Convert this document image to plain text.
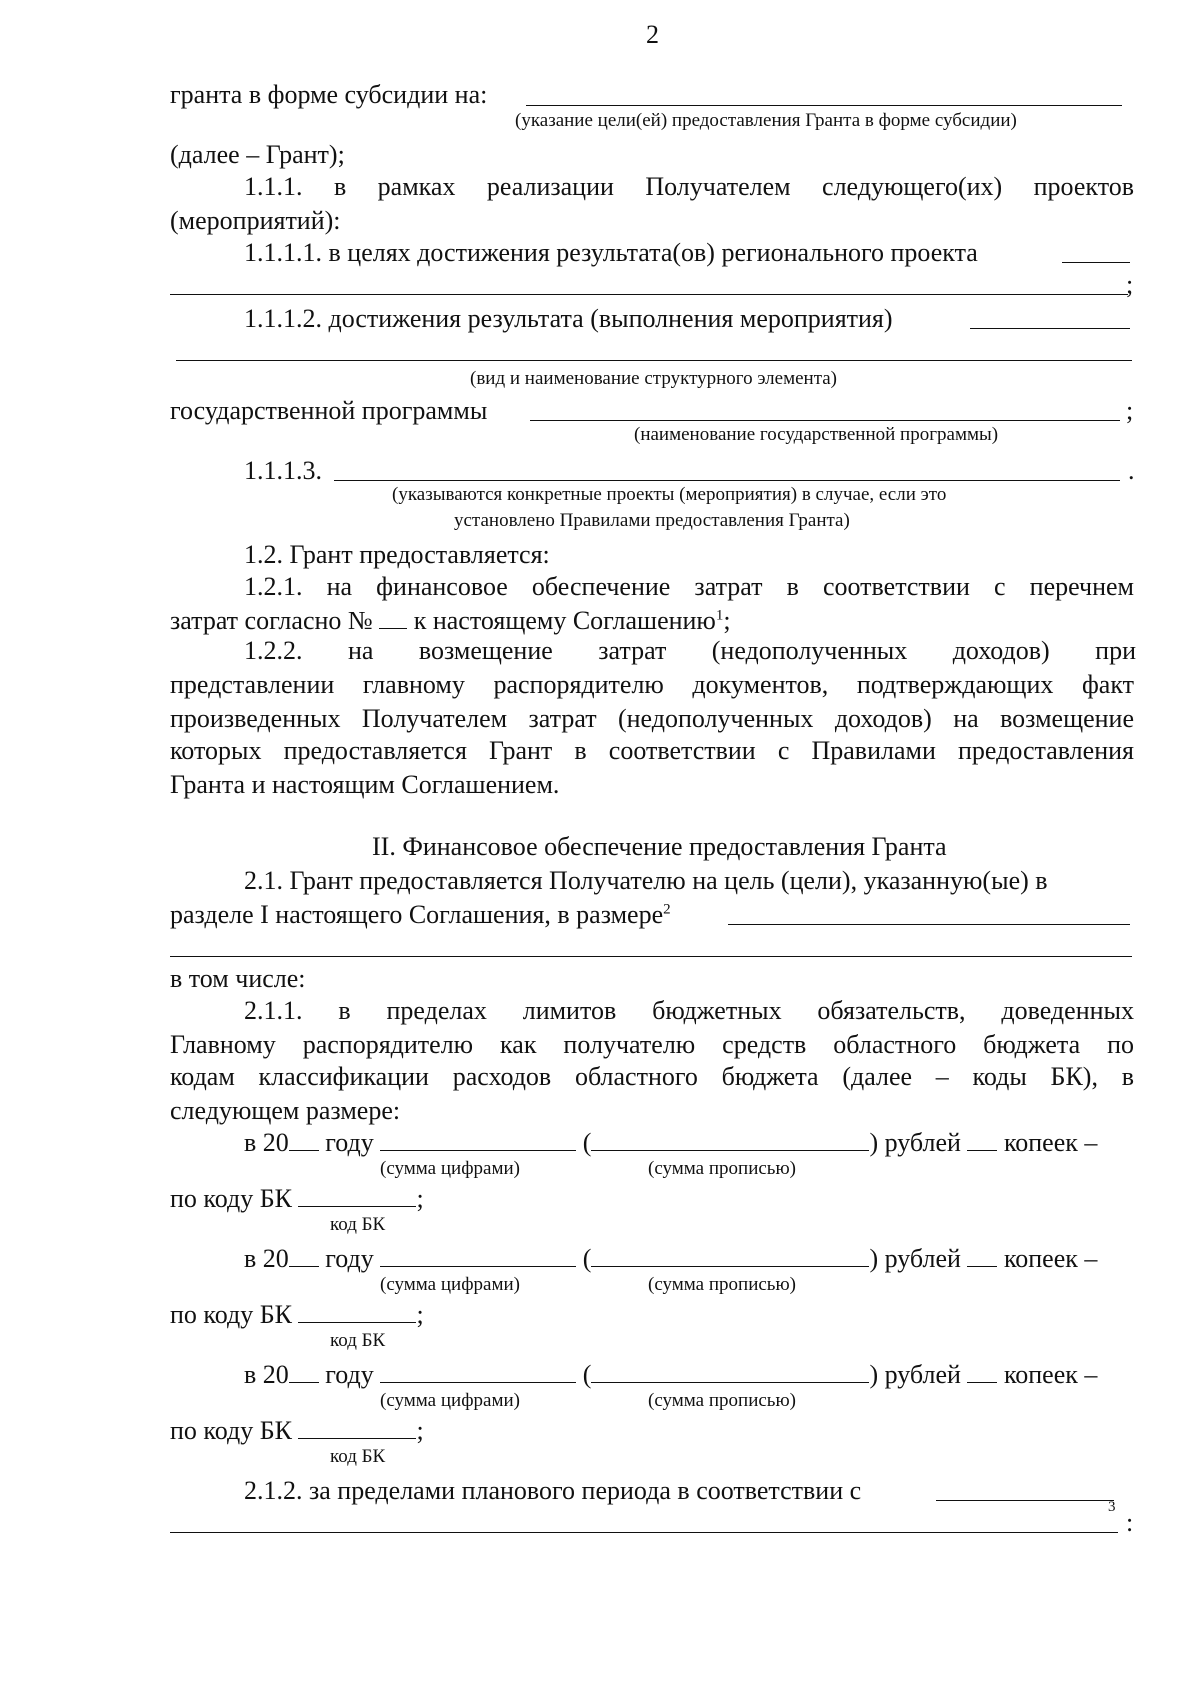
2
гранта в форме субсидии на:
(указание цели(ей) предоставления Гранта в форме субсидии)
(далее – Грант);
1.1.1. в рамках реализации Получателем следующего(их) проектов
(мероприятий):
1.1.1.1. в целях достижения результата(ов) регионального проекта
;
1.1.1.2. достижения результата (выполнения мероприятия)
(вид и наименование структурного элемента)
государственной программы	;
(наименование государственной программы)
1.1.1.3.	.
(указываются конкретные проекты (мероприятия) в случае, если это
установлено Правилами предоставления Гранта)
1.2. Грант предоставляется:
1.2.1. на финансовое обеспечение затрат в соответствии с перечнем
затрат согласно № к настоящему Соглашению$^1$;
1.2.2. на возмещение затрат (недополученных доходов) при
представлении главному распорядителю документов, подтверждающих факт
произведенных Получателем затрат (недополученных доходов) на возмещение
которых предоставляется Грант в соответствии с Правилами предоставления
Гранта и настоящим Соглашением.
II. Финансовое обеспечение предоставления Гранта
2.1. Грант предоставляется Получателю на цель (цели), указанную(ые) в
разделе I настоящего Соглашения, в размере$^2$
в том числе:
2.1.1. в пределах лимитов бюджетных обязательств, доведенных
Главному распорядителю как получателю средств областного бюджета по
кодам классификации расходов областного бюджета (далее – коды БК), в
следующем размере:
в 20 году	(	) рублей копеек –
(сумма цифрами)	(сумма прописью)
по коду БК	;
код БК
в 20 году	(	) рублей копеек –
(сумма цифрами)	(сумма прописью)
по коду БК	;
код БК
в 20 году	(	) рублей копеек –
(сумма цифрами)	(сумма прописью)
по коду БК	;
код БК
2.1.2. за пределами планового периода в соответствии с
3
:
